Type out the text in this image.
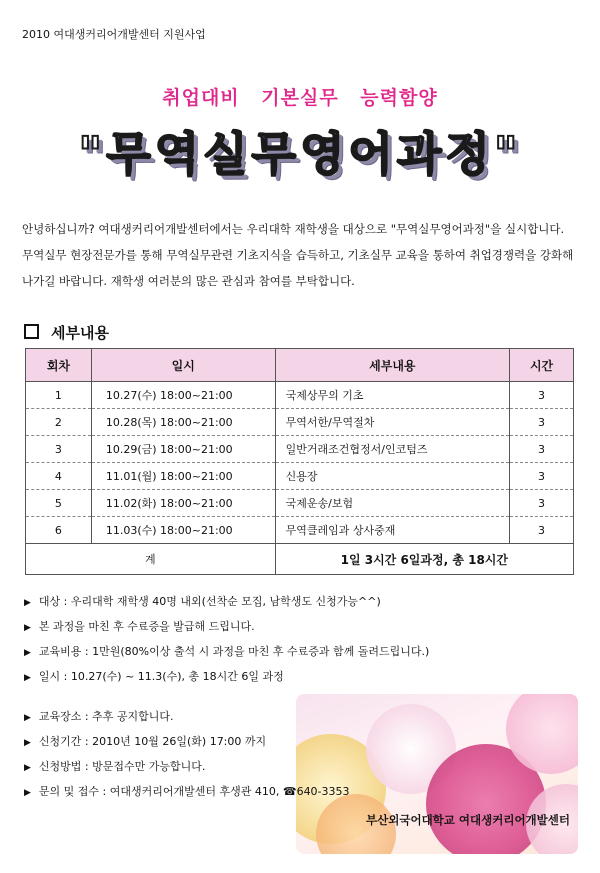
2010 여대생커리어개발센터 지원사업
취업대비 기본실무 능력함양
"무역실무영어과정"
안녕하십니까? 여대생커리어개발센터에서는 우리대학 재학생을 대상으로 "무역실무영어과정"을 실시합니다. 무역실무 현장전문가를 통해 무역실무관련 기초지식을 습득하고, 기초실무 교육을 통하여 취업경쟁력을 강화해나가길 바랍니다. 재학생 여러분의 많은 관심과 참여를 부탁합니다.
세부내용
회차	일시	세부내용	시간
1	10.27(수) 18:00~21:00	국제상무의 기초	3
2	10.28(목) 18:00~21:00	무역서한/무역절차	3
3	10.29(금) 18:00~21:00	일반거래조건협정서/인코텀즈	3
4	11.01(월) 18:00~21:00	신용장	3
5	11.02(화) 18:00~21:00	국제운송/보험	3
6	11.03(수) 18:00~21:00	무역클레임과 상사중재	3
계		1일 3시간 6일과정, 총 18시간	
▶ 대상 : 우리대학 재학생 40명 내외(선착순 모집, 남학생도 신청가능^^)
▶ 본 과정을 마친 후 수료증을 발급해 드립니다.
▶ 교육비용 : 1만원(80%이상 출석 시 과정을 마친 후 수료증과 함께 돌려드립니다.)
▶ 일시 : 10.27(수) ~ 11.3(수), 총 18시간 6일 과정
▶ 교육장소 : 추후 공지합니다.
▶ 신청기간 : 2010년 10월 26일(화) 17:00 까지
▶ 신청방법 : 방문접수만 가능합니다.
▶ 문의 및 접수 : 여대생커리어개발센터 후생관 410, ☎640-3353
부산외국어대학교 여대생커리어개발센터
